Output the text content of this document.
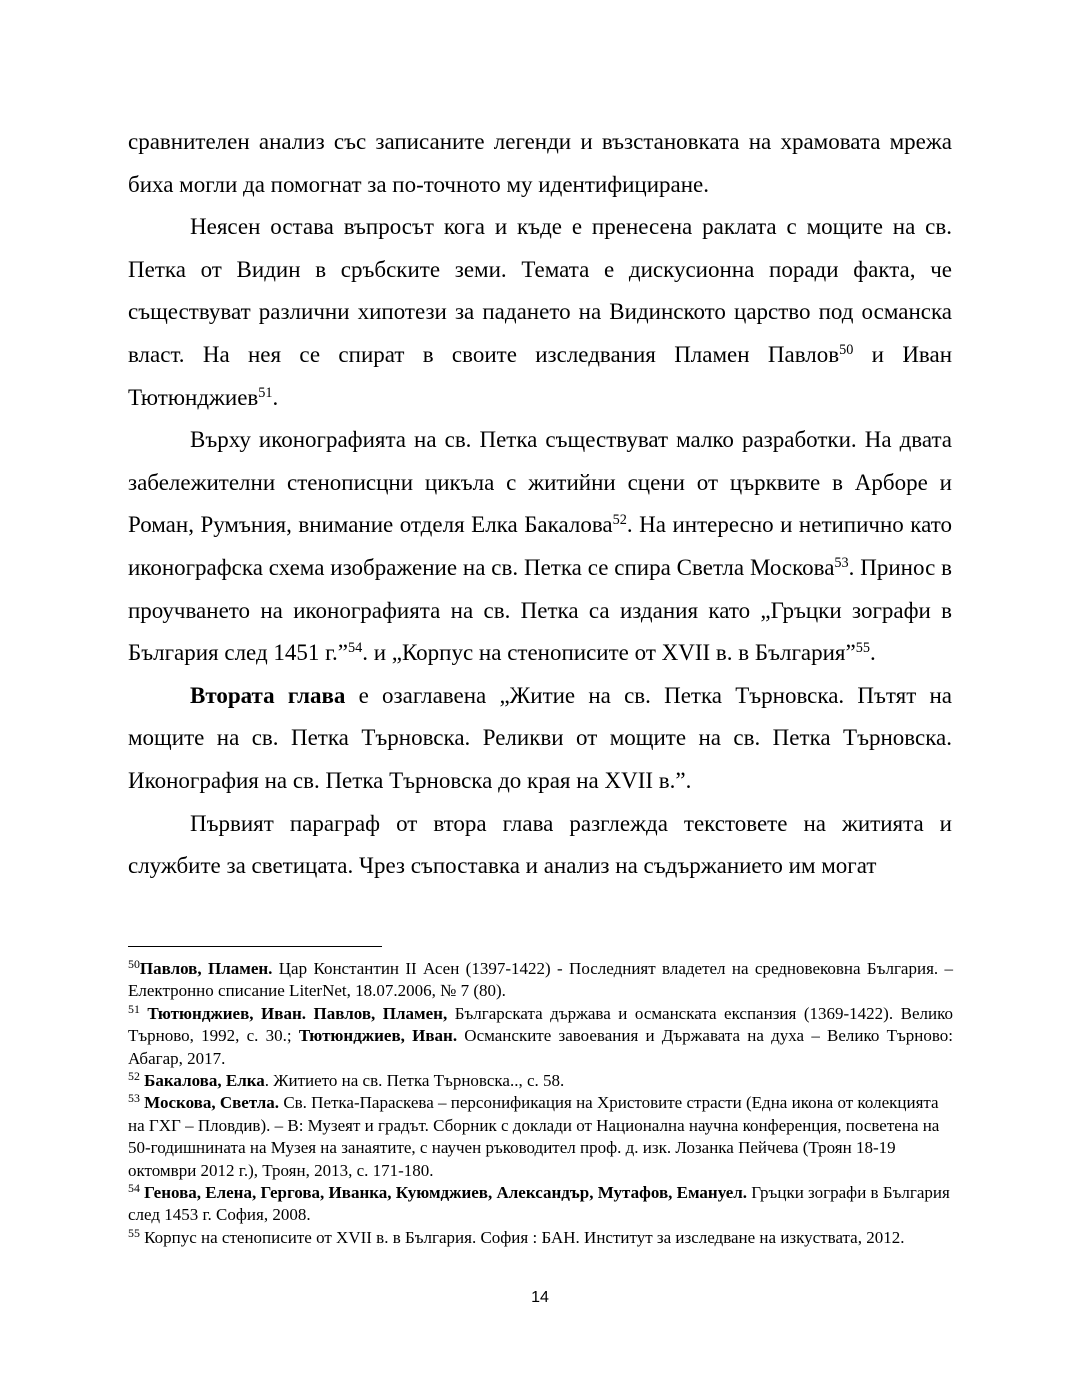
сравнителен анализ със записаните легенди и възстановката на храмовата мрежа биха могли да помогнат за по-точното му идентифициране.

Неясен остава въпросът кога и къде е пренесена раклата с мощите на св. Петка от Видин в сръбските земи. Темата е дискусионна поради факта, че съществуват различни хипотези за падането на Видинското царство под османска власт. На нея се спират в своите изследвания Пламен Павлов$^{50}$ и Иван Тютюнджиев$^{51}$.

Върху иконографията на св. Петка съществуват малко разработки. На двата забележителни стенописцни цикъла с житийни сцени от църквите в Арборе и Роман, Румъния, внимание отделя Елка Бакалова$^{52}$. На интересно и нетипично като иконографска схема изображение на св. Петка се спира Светла Москова$^{53}$. Принос в проучването на иконографията на св. Петка са издания като „Гръцки зографи в България след 1451 г.”$^{54}$. и „Корпус на стенописите от XVII в. в България”$^{55}$.

Втората глава е озаглавена „Житие на св. Петка Търновска. Пътят на мощите на св. Петка Търновска. Реликви от мощите на св. Петка Търновска. Иконография на св. Петка Търновска до края на XVII в.”.

Първият параграф от втора глава разглежда текстовете на житията и службите за светицата. Чрез съпоставка и анализ на съдържанието им могат

$^{50}$Павлов, Пламен. Цар Константин II Асен (1397-1422) - Последният владетел на средновековна България. – Електронно списание LiterNet, 18.07.2006, № 7 (80).

$^{51}$ Тютюнджиев, Иван. Павлов, Пламен, Българската държава и османската експанзия (1369-1422). Велико Търново, 1992, с. 30.; Тютюнджиев, Иван. Османските завоевания и Държавата на духа – Велико Търново: Абагар, 2017.

$^{52}$ Бакалова, Елка. Житието на св. Петка Търновска.., с. 58.

$^{53}$ Москова, Светла. Св. Петка-Параскева – персонификация на Христовите страсти (Една икона от колекцията на ГХГ – Пловдив). – В: Музеят и градът. Сборник с доклади от Национална научна конференция, посветена на 50-годишнината на Музея на занаятите, с научен ръководител проф. д. изк. Лозанка Пейчева (Троян 18-19 октомври 2012 г.), Троян, 2013, с. 171-180.

$^{54}$ Генова, Елена, Гергова, Иванка, Куюмджиев, Александър, Мутафов, Емануел. Гръцки зографи в България след 1453 г. София, 2008.

$^{55}$ Корпус на стенописите от XVII в. в България. София : БАН. Институт за изследване на изкуствата, 2012.

14
